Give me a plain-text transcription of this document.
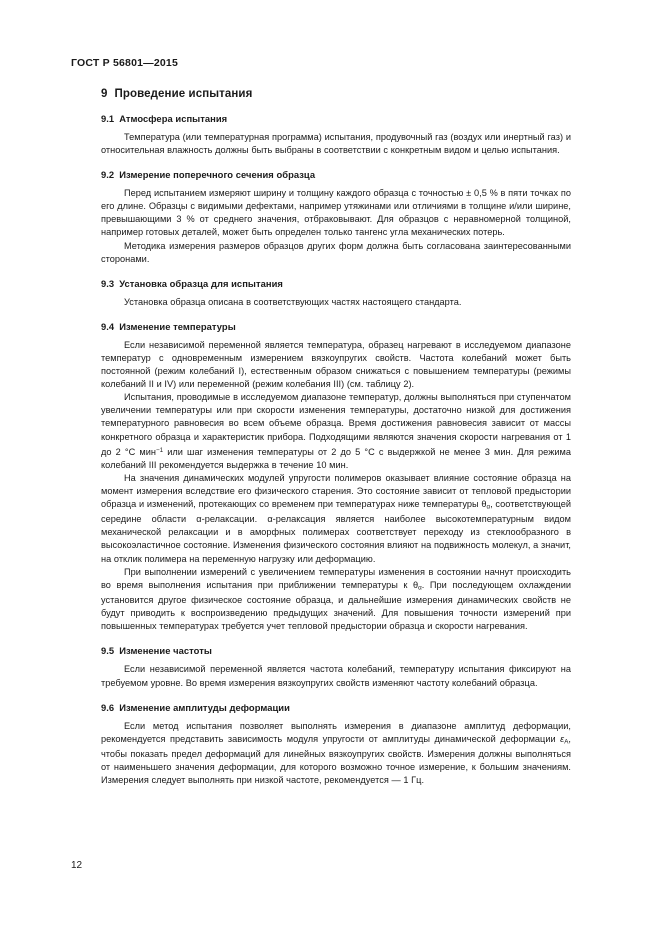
ГОСТ Р 56801—2015
9 Проведение испытания
9.1 Атмосфера испытания

Температура (или температурная программа) испытания, продувочный газ (воздух или инертный газ) и относительная влажность должны быть выбраны в соответствии с конкретным видом и целью испытания.

9.2 Измерение поперечного сечения образца

Перед испытанием измеряют ширину и толщину каждого образца с точностью ± 0,5 % в пяти точках по его длине. Образцы с видимыми дефектами, например утяжинами или отличиями в толщине и/или ширине, превышающими 3 % от среднего значения, отбраковывают. Для образцов с неравномерной толщиной, например готовых деталей, может быть определен только тангенс угла механических потерь.

Методика измерения размеров образцов других форм должна быть согласована заинтересованными сторонами.

9.3 Установка образца для испытания

Установка образца описана в соответствующих частях настоящего стандарта.

9.4 Изменение температуры

Если независимой переменной является температура, образец нагревают в исследуемом диапазоне температур с одновременным измерением вязкоупругих свойств. Частота колебаний может быть постоянной (режим колебаний I), естественным образом снижаться с повышением температуры (режимы колебаний II и IV) или переменной (режим колебания III) (см. таблицу 2).

Испытания, проводимые в исследуемом диапазоне температур, должны выполняться при ступенчатом увеличении температуры или при скорости изменения температуры, достаточно низкой для достижения температурного равновесия во всем объеме образца. Время достижения равновесия зависит от массы конкретного образца и характеристик прибора. Подходящими являются значения скорости нагревания от 1 до 2 °C мин$^{-1}$ или шаг изменения температуры от 2 до 5 °C с выдержкой не менее 3 мин. Для режима колебаний III рекомендуется выдержка в течение 10 мин.

На значения динамических модулей упругости полимеров оказывает влияние состояние образца на момент измерения вследствие его физического старения. Это состояние зависит от тепловой предыстории образца и изменений, протекающих со временем при температурах ниже температуры $\theta_\alpha$, соответствующей середине области α-релаксации. α-релаксация является наиболее высокотемпературным видом механической релаксации и в аморфных полимерах соответствует переходу из стеклообразного в высокоэластичное состояние. Изменения физического состояния влияют на подвижность молекул, а значит, на отклик полимера на переменную нагрузку или деформацию.

При выполнении измерений с увеличением температуры изменения в состоянии начнут происходить во время выполнения испытания при приближении температуры к $\theta_\alpha$. При последующем охлаждении установится другое физическое состояние образца, и дальнейшие измерения динамических свойств не будут приводить к воспроизведению предыдущих значений. Для повышения точности измерений при повышенных температурах требуется учет тепловой предыстории образца и скорости нагревания.

9.5 Изменение частоты

Если независимой переменной является частота колебаний, температуру испытания фиксируют на требуемом уровне. Во время измерения вязкоупругих свойств изменяют частоту колебаний образца.

9.6 Изменение амплитуды деформации

Если метод испытания позволяет выполнять измерения в диапазоне амплитуд деформации, рекомендуется представить зависимость модуля упругости от амплитуды динамической деформации $\varepsilon_A$, чтобы показать предел деформаций для линейных вязкоупругих свойств. Измерения должны выполняться от наименьшего значения деформации, для которого возможно точное измерение, к большим значениям. Измерения следует выполнять при низкой частоте, рекомендуется — 1 Гц.

12
